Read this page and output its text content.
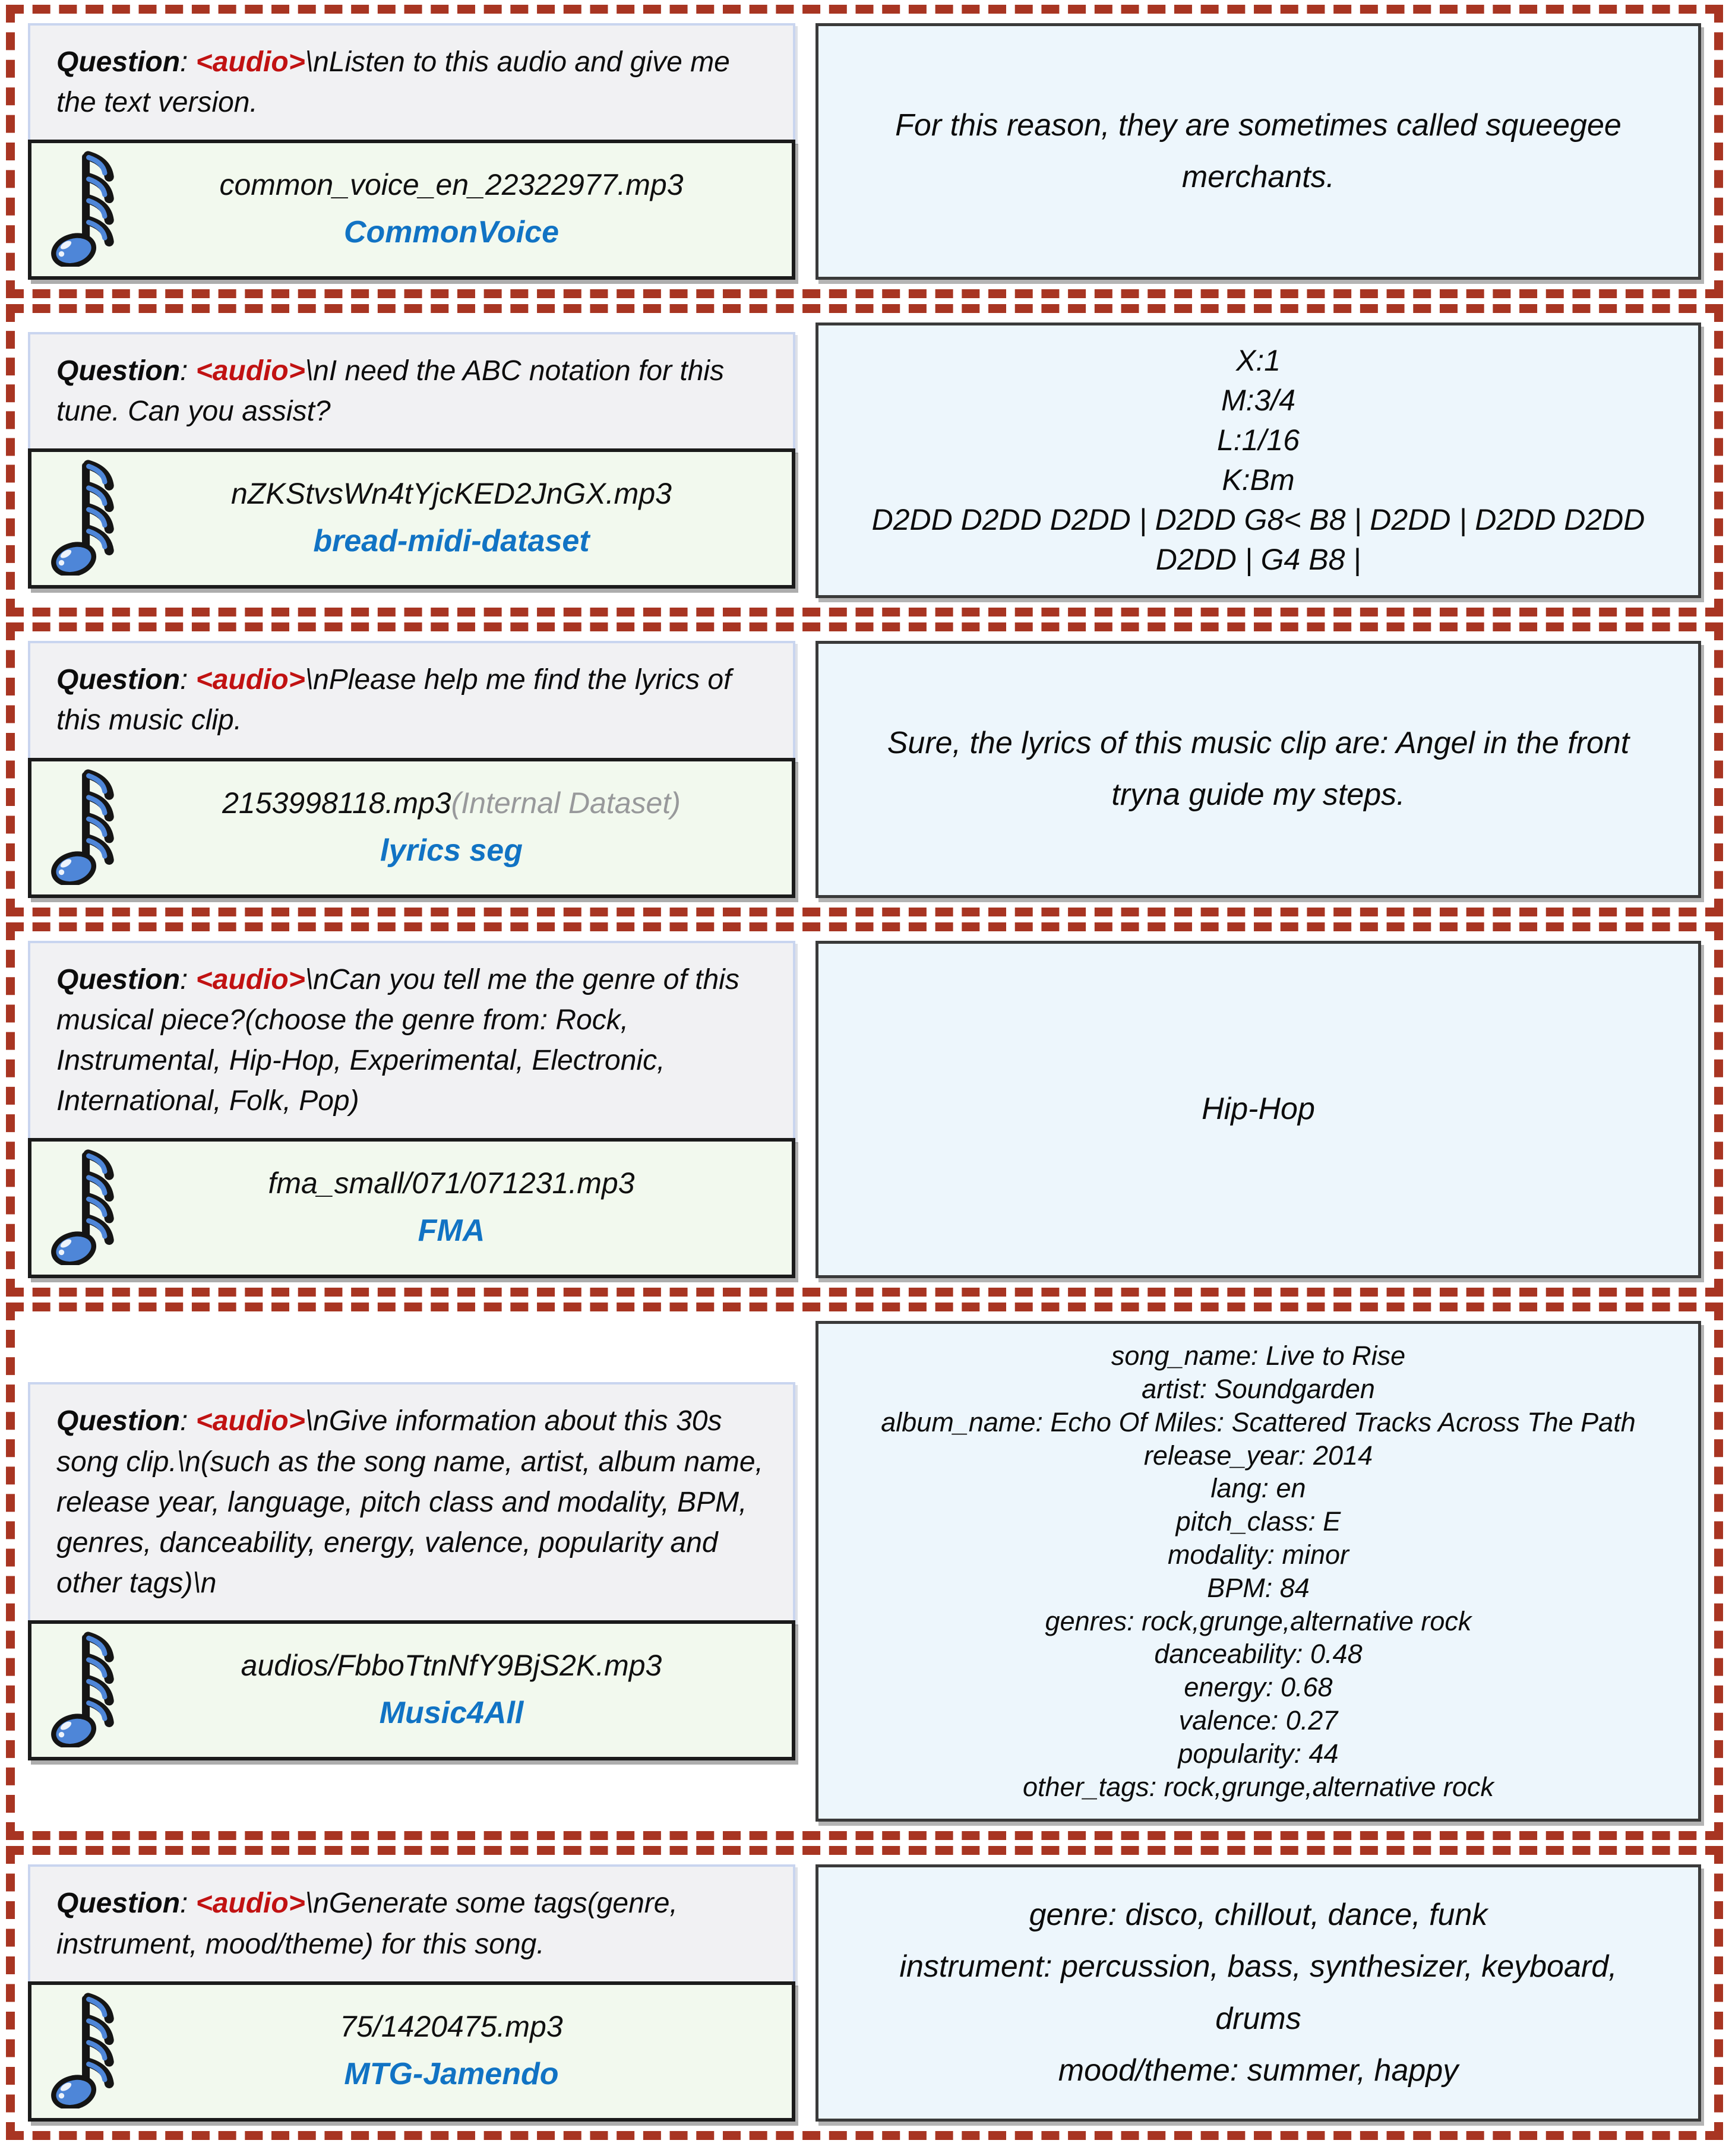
Question: <audio>\nListen to this audio and give me the text version.

common_voice_en_22322977.mp3
CommonVoice
For this reason, they are sometimes called squeegee merchants.

Question: <audio>\nI need the ABC notation for this tune. Can you assist?

nZKStvsWn4tYjcKED2JnGX.mp3
bread-midi-dataset
X:1
M:3/4
L:1/16
K:Bm
D2DD D2DD D2DD | D2DD G8< B8 | D2DD | D2DD D2DD D2DD | G4 B8 |

Question: <audio>\nPlease help me find the lyrics of this music clip.

2153998118.mp3(Internal Dataset)
lyrics seg
Sure, the lyrics of this music clip are: Angel in the front tryna guide my steps.

Question: <audio>\nCan you tell me the genre of this musical piece?(choose the genre from: Rock, Instrumental, Hip-Hop, Experimental, Electronic, International, Folk, Pop)

fma_small/071/071231.mp3
FMA
Hip-Hop

Question: <audio>\nGive information about this 30s song clip.\n(such as the song name, artist, album name, release year, language, pitch class and modality, BPM, genres, danceability, energy, valence, popularity and other tags)\n

audios/FbboTtnNfY9BjS2K.mp3
Music4All
song_name: Live to Rise
artist: Soundgarden
album_name: Echo Of Miles: Scattered Tracks Across The Path
release_year: 2014
lang: en
pitch_class: E
modality: minor
BPM: 84
genres: rock,grunge,alternative rock
danceability: 0.48
energy: 0.68
valence: 0.27
popularity: 44
other_tags: rock,grunge,alternative rock

Question: <audio>\nGenerate some tags(genre, instrument, mood/theme) for this song.

75/1420475.mp3
MTG-Jamendo
genre: disco, chillout, dance, funk
instrument: percussion, bass, synthesizer, keyboard, drums
mood/theme: summer, happy
